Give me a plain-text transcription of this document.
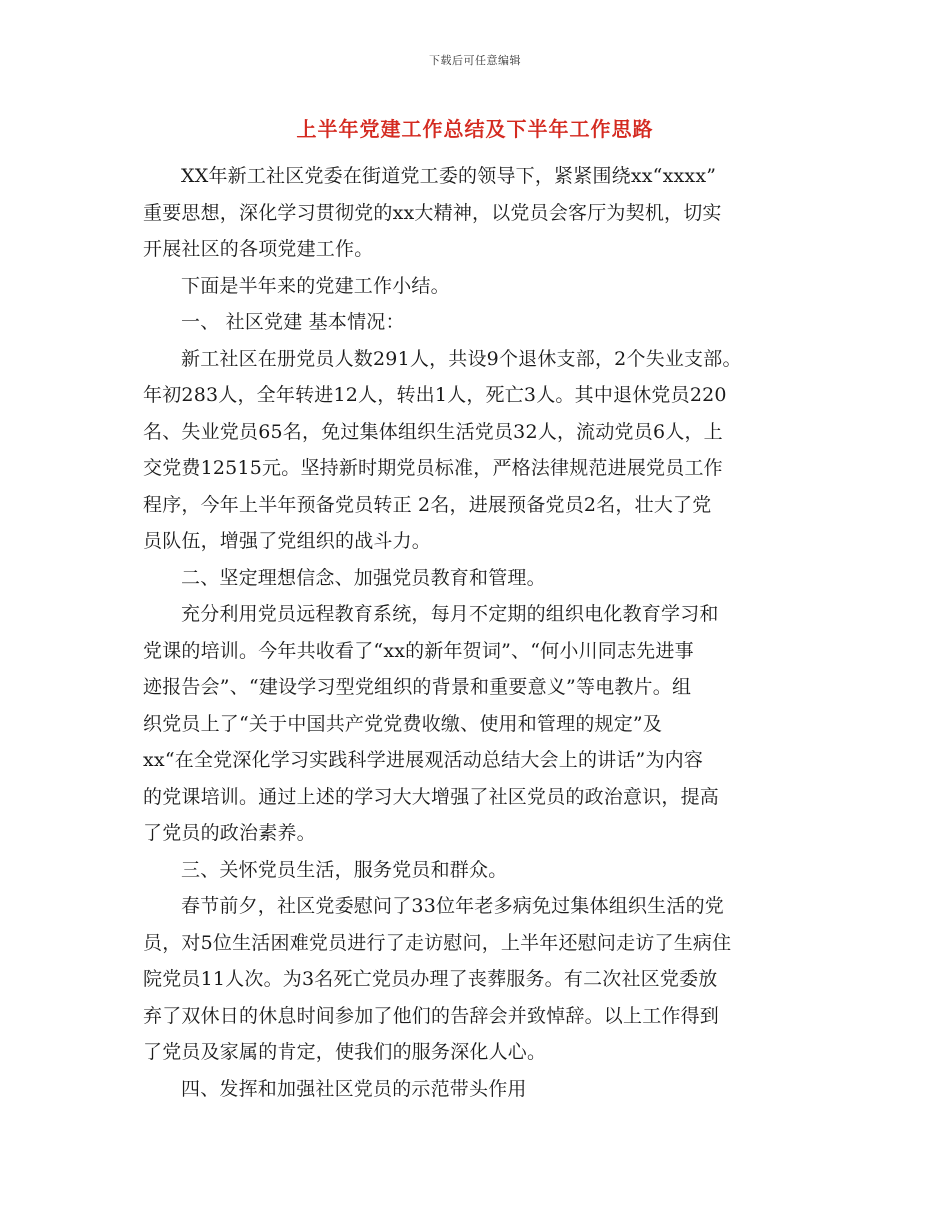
下载后可任意编辑
上半年党建工作总结及下半年工作思路
XX年新工社区党委在街道党工委的领导下，紧紧围绕xx“xxxx”
重要思想，深化学习贯彻党的xx大精神，以党员会客厅为契机，切实
开展社区的各项党建工作。
下面是半年来的党建工作小结。
一、 社区党建 基本情况：
新工社区在册党员人数291人，共设9个退休支部，2个失业支部。
年初283人，全年转进12人，转出1人，死亡3人。其中退休党员220
名、失业党员65名，免过集体组织生活党员32人，流动党员6人，上
交党费12515元。坚持新时期党员标准，严格法律规范进展党员工作
程序，今年上半年预备党员转正 2名，进展预备党员2名，壮大了党
员队伍，增强了党组织的战斗力。
二、坚定理想信念、加强党员教育和管理。
充分利用党员远程教育系统，每月不定期的组织电化教育学习和
党课的培训。今年共收看了“xx的新年贺词”、“何小川同志先进事
迹报告会”、“建设学习型党组织的背景和重要意义”等电教片。组
织党员上了“关于中国共产党党费收缴、使用和管理的规定”及
xx“在全党深化学习实践科学进展观活动总结大会上的讲话”为内容
的党课培训。通过上述的学习大大增强了社区党员的政治意识，提高
了党员的政治素养。
三、关怀党员生活，服务党员和群众。
春节前夕，社区党委慰问了33位年老多病免过集体组织生活的党
员，对5位生活困难党员进行了走访慰问，上半年还慰问走访了生病住
院党员11人次。为3名死亡党员办理了丧葬服务。有二次社区党委放
弃了双休日的休息时间参加了他们的告辞会并致悼辞。以上工作得到
了党员及家属的肯定，使我们的服务深化人心。
四、发挥和加强社区党员的示范带头作用
